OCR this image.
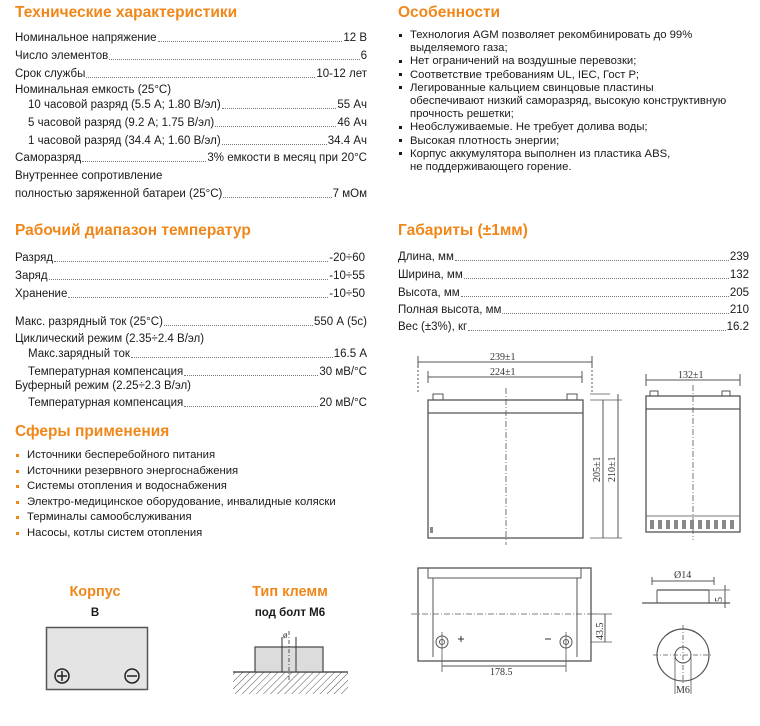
Технические характеристики
Номинальное напряжение	12 В
Число элементов	6
Срок службы	10-12 лет
Номинальная емкость (25°С)
10 часовой разряд (5.5 А; 1.80 В/эл)	55 Ач
5 часовой разряд (9.2 А; 1.75 В/эл)	46 Ач
1 часовой разряд (34.4 А; 1.60 В/эл)	34.4 Ач
Саморазряд	3% емкости в месяц при 20°С
Внутреннее сопротивление
полностью заряженной батареи (25°С)	7 мОм
Рабочий диапазон температур
Разряд	-20÷60
Заряд	-10÷55
Хранение	-10÷50
Макс. разрядный ток (25°С)	550 А (5с)
Циклический режим (2.35÷2.4 В/эл)
Макс.зарядный ток	16.5 А
Температурная компенсация	30 мВ/°С
Буферный режим (2.25÷2.3 В/эл)
Температурная компенсация	20 мВ/°С
Сферы применения
Источники бесперебойного питания
Источники резервного энергоснабжения
Системы отопления и водоснабжения
Электро-медицинское оборудование, инвалидные коляски
Терминалы самообслуживания
Насосы, котлы систем отопления
Корпус
B
Тип клемм
под болт М6
ø
Особенности
Технология AGM позволяет рекомбинировать до 99%
выделяемого газа;
Нет ограничений на воздушные перевозки;
Соответствие требованиям UL, IEC, Гост Р;
Легированные кальцием свинцовые пластины
обеспечивают низкий саморазряд, высокую конструктивную
прочность решетки;
Необслуживаемые. Не требует долива воды;
Высокая плотность энергии;
Корпус аккумулятора выполнен из пластика ABS,
не поддерживающего горение.
Габариты (±1мм)
Длина, мм	239
Ширина, мм	132
Высота, мм	205
Полная высота, мм	210
Вес (±3%), кг	16.2
239±1
224±1	132±1
205±1 210±1
178.5
43.5
Ø14
5
M6
